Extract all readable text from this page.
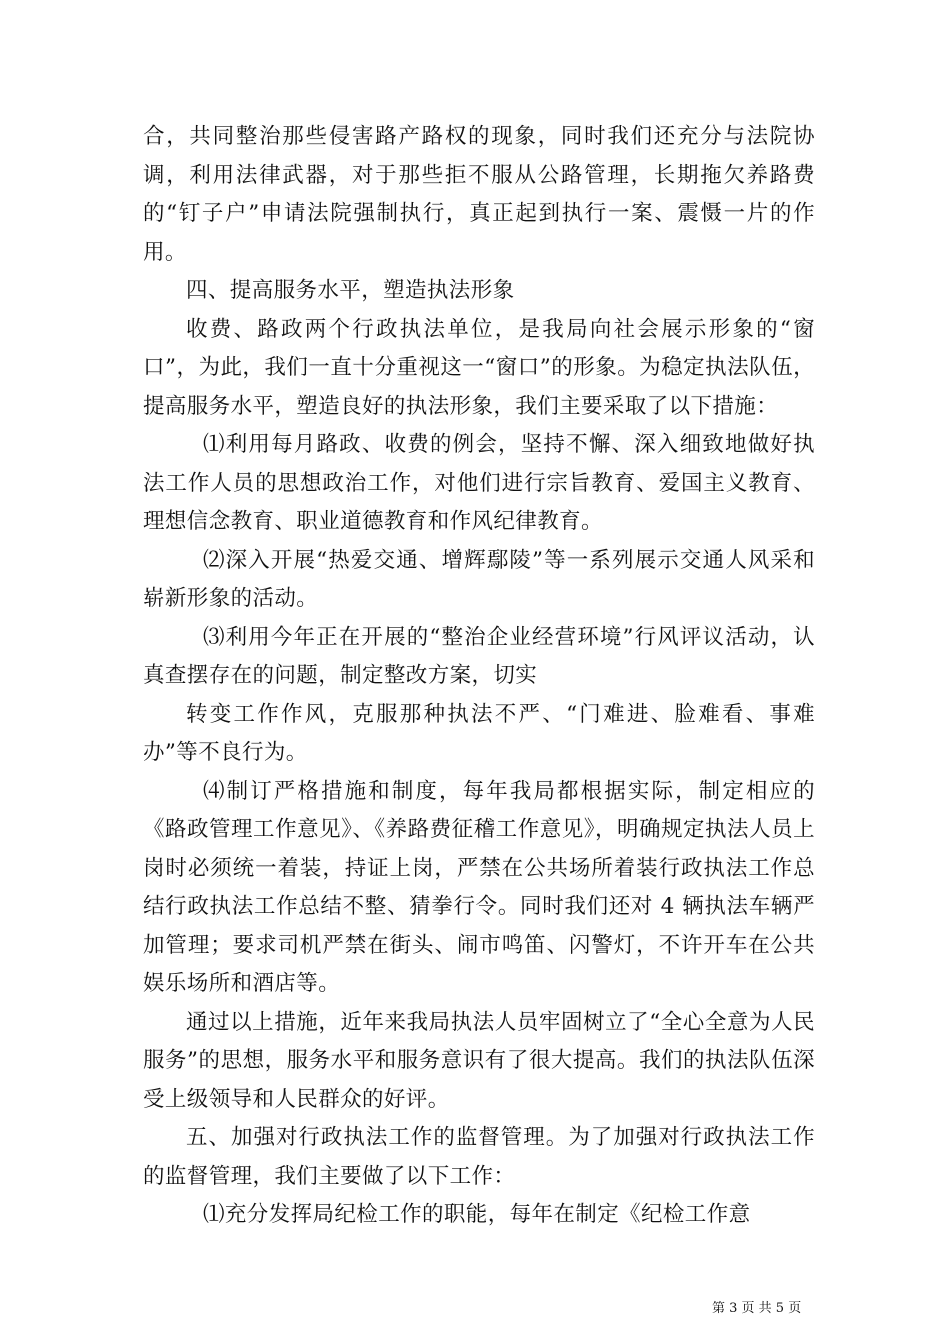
合，共同整治那些侵害路产路权的现象，同时我们还充分与法院协调，利用法律武器，对于那些拒不服从公路管理，长期拖欠养路费的“钉子户”申请法院强制执行，真正起到执行一案、震慑一片的作用。

四、提高服务水平，塑造执法形象

收费、路政两个行政执法单位，是我局向社会展示形象的“窗口”，为此，我们一直十分重视这一“窗口”的形象。为稳定执法队伍，提高服务水平，塑造良好的执法形象，我们主要采取了以下措施：

⑴利用每月路政、收费的例会，坚持不懈、深入细致地做好执法工作人员的思想政治工作，对他们进行宗旨教育、爱国主义教育、理想信念教育、职业道德教育和作风纪律教育。

⑵深入开展“热爱交通、增辉鄢陵”等一系列展示交通人风采和崭新形象的活动。

⑶利用今年正在开展的“整治企业经营环境”行风评议活动，认真查摆存在的问题，制定整改方案，切实

转变工作作风，克服那种执法不严、“门难进、脸难看、事难办”等不良行为。

⑷制订严格措施和制度，每年我局都根据实际，制定相应的《路政管理工作意见》、《养路费征稽工作意见》，明确规定执法人员上岗时必须统一着装，持证上岗，严禁在公共场所着装行政执法工作总结行政执法工作总结不整、猜拳行令。同时我们还对 4 辆执法车辆严加管理；要求司机严禁在街头、闹市鸣笛、闪警灯，不许开车在公共娱乐场所和酒店等。

通过以上措施，近年来我局执法人员牢固树立了“全心全意为人民服务”的思想，服务水平和服务意识有了很大提高。我们的执法队伍深受上级领导和人民群众的好评。

五、加强对行政执法工作的监督管理。为了加强对行政执法工作的监督管理，我们主要做了以下工作：

⑴充分发挥局纪检工作的职能，每年在制定《纪检工作意

第 3 页 共 5 页
